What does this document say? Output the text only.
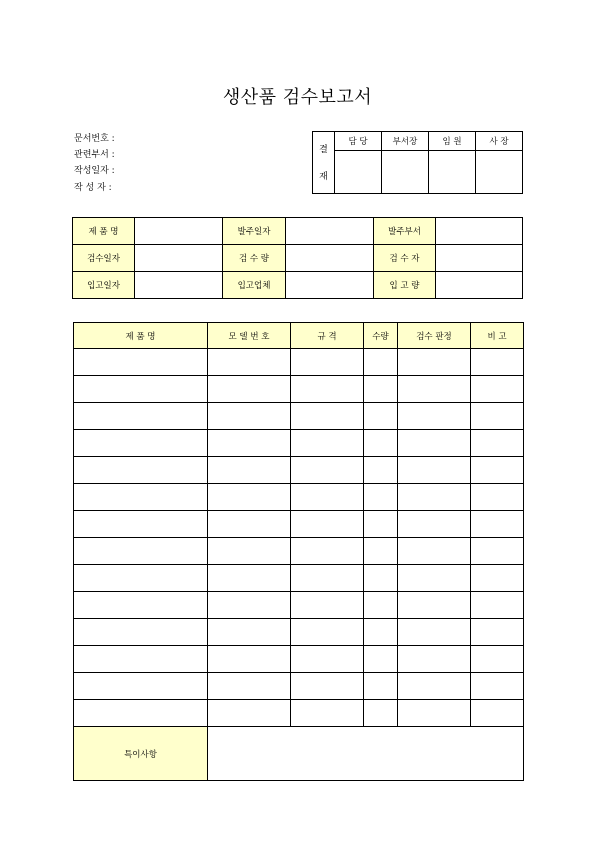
생산품 검수보고서
문서번호 :
관련부서 :
작성일자 :
작 성 자 :
결
재	담 당	부서장	임 원	사 장

제 품 명		발주일자		발주부서	
검수일자		검 수 량		검 수 자	
입고일자		입고업체		입 고 량	
제 품 명	모 델 번 호	규 격	수량	검수 판정	비 고

특이사항					
